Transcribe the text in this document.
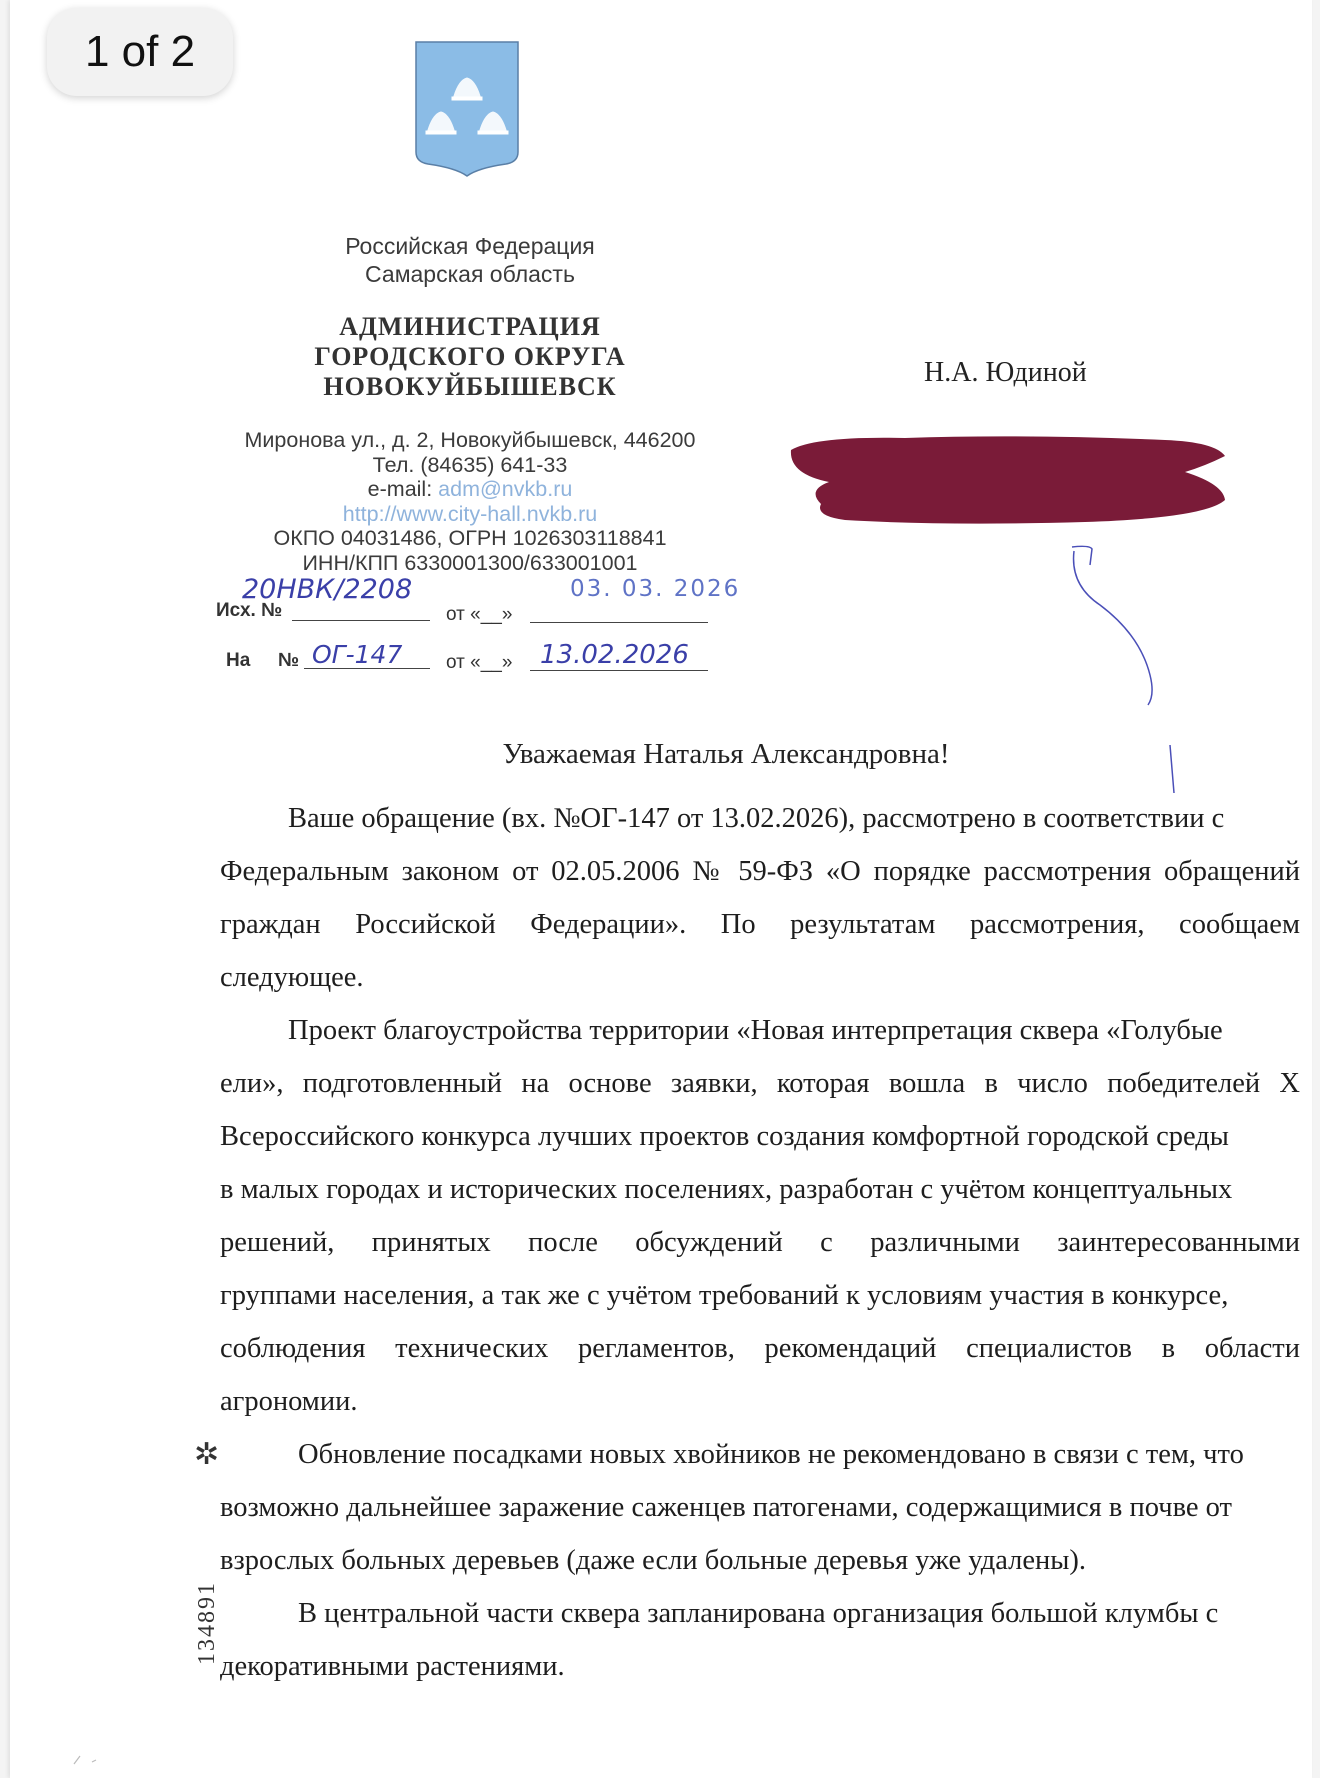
1 of 2
Российская Федерация
Самарская область
АДМИНИСТРАЦИЯ
ГОРОДСКОГО ОКРУГА
НОВОКУЙБЫШЕВСК
Миронова ул., д. 2, Новокуйбышевск, 446200
Тел. (84635) 641-33
e-mail: adm@nvkb.ru
http://www.city-hall.nvkb.ru
ОКПО 04031486, ОГРН 1026303118841
ИНН/КПП 6330001300/633001001
Н.А. Юдиной
Исх. №
20НВК/2208
от «__»
03. 03. 2026
На № ОГ-147 от «__» 13.02.2026
Уважаемая Наталья Александровна!
Ваше обращение (вх. №ОГ-147 от 13.02.2026), рассмотрено в соответствии с
Федеральным законом от 02.05.2006 № 59-ФЗ «О порядке рассмотрения обращений
граждан Российской Федерации». По результатам рассмотрения, сообщаем
следующее.
Проект благоустройства территории «Новая интерпретация сквера «Голубые
ели», подготовленный на основе заявки, которая вошла в число победителей X
Всероссийского конкурса лучших проектов создания комфортной городской среды
в малых городах и исторических поселениях, разработан с учётом концептуальных
решений, принятых после обсуждений с различными заинтересованными
группами населения, а так же с учётом требований к условиям участия в конкурсе,
соблюдения технических регламентов, рекомендаций специалистов в области
агрономии.
Обновление посадками новых хвойников не рекомендовано в связи с тем, что
возможно дальнейшее заражение саженцев патогенами, содержащимися в почве от
взрослых больных деревьев (даже если больные деревья уже удалены).
В центральной части сквера запланирована организация большой клумбы с
декоративными растениями.
✲
134891
